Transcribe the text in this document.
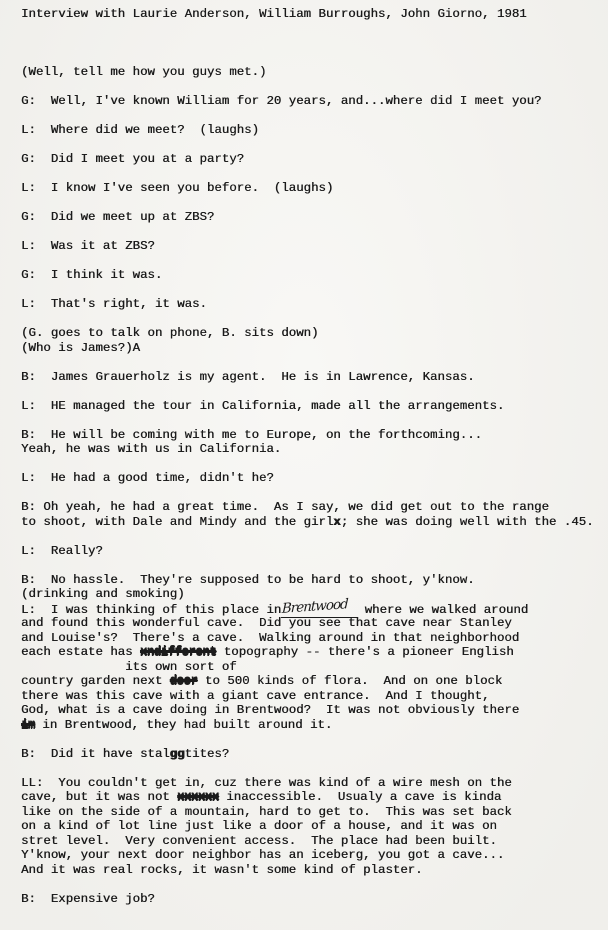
Interview with Laurie Anderson, William Burroughs, John Giorno, 1981
(Well, tell me how you guys met.)
G:  Well, I've known William for 20 years, and...where did I meet you?
L:  Where did we meet?  (laughs)
G:  Did I meet you at a party?
L:  I know I've seen you before.  (laughs)
G:  Did we meet up at ZBS?
L:  Was it at ZBS?
G:  I think it was.
L:  That's right, it was.
(G. goes to talk on phone, B. sits down)
(Who is James?)A
B:  James Grauerholz is my agent.  He is in Lawrence, Kansas.
L:  HE managed the tour in California, made all the arrangements.
B:  He will be coming with me to Europe, on the forthcoming...
Yeah, he was with us in California.
L:  He had a good time, didn't he?
B: Oh yeah, he had a great time.  As I say, we did get out to the range
to shoot, with Dale and Mindy and the girlx; she was doing well with the .45.
L:  Really?
B:  No hassle.  They're supposed to be hard to shoot, y'know.
(drinking and smoking)
L:  I was thinking of this place inBrentwood where we walked around
and found this wonderful cave.  Did you see that cave near Stanley
and Louise's?  There's a cave.  Walking around in that neighborhood
each estate has xndifferent topography -- there's a pioneer English
its own sort of
country garden next door to 500 kinds of flora.  And on one block
there was this cave with a giant cave entrance.  And I thought,
God, what is a cave doing in Brentwood?  It was not obviously there
im in Brentwood, they had built around it.
B:  Did it have stalggtites?
LL:  You couldn't get in, cuz there was kind of a wire mesh on the
cave, but it was not xxxxxx inaccessible.  Usualy a cave is kinda
like on the side of a mountain, hard to get to.  This was set back
on a kind of lot line just like a door of a house, and it was on
stret level.  Very convenient access.  The place had been built.
Y'know, your next door neighbor has an iceberg, you got a cave...
And it was real rocks, it wasn't some kind of plaster.
B:  Expensive job?
